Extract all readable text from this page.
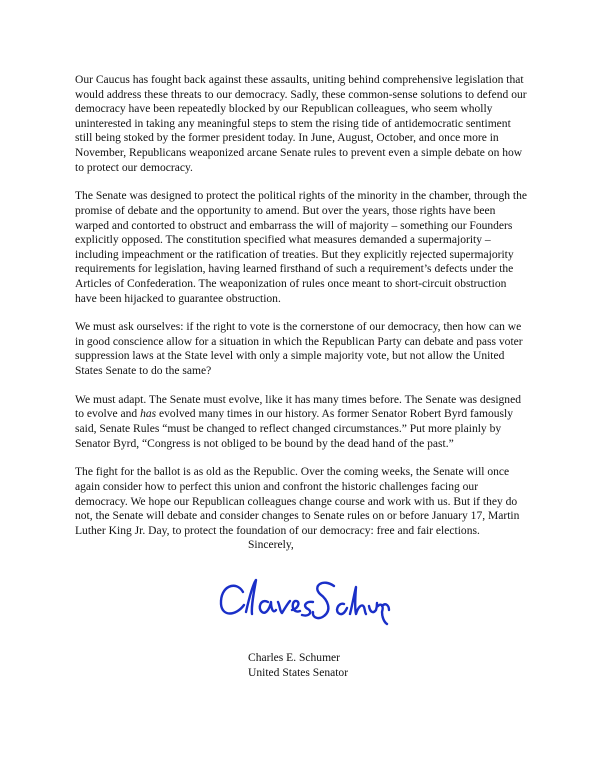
Our Caucus has fought back against these assaults, uniting behind comprehensive legislation that would address these threats to our democracy. Sadly, these common-sense solutions to defend our democracy have been repeatedly blocked by our Republican colleagues, who seem wholly uninterested in taking any meaningful steps to stem the rising tide of antidemocratic sentiment still being stoked by the former president today. In June, August, October, and once more in November, Republicans weaponized arcane Senate rules to prevent even a simple debate on how to protect our democracy.

The Senate was designed to protect the political rights of the minority in the chamber, through the promise of debate and the opportunity to amend. But over the years, those rights have been warped and contorted to obstruct and embarrass the will of majority – something our Founders explicitly opposed. The constitution specified what measures demanded a supermajority – including impeachment or the ratification of treaties. But they explicitly rejected supermajority requirements for legislation, having learned firsthand of such a requirement’s defects under the Articles of Confederation. The weaponization of rules once meant to short-circuit obstruction have been hijacked to guarantee obstruction.

We must ask ourselves: if the right to vote is the cornerstone of our democracy, then how can we in good conscience allow for a situation in which the Republican Party can debate and pass voter suppression laws at the State level with only a simple majority vote, but not allow the United States Senate to do the same?

We must adapt. The Senate must evolve, like it has many times before. The Senate was designed to evolve and has evolved many times in our history. As former Senator Robert Byrd famously said, Senate Rules “must be changed to reflect changed circumstances.” Put more plainly by Senator Byrd, “Congress is not obliged to be bound by the dead hand of the past.”

The fight for the ballot is as old as the Republic. Over the coming weeks, the Senate will once again consider how to perfect this union and confront the historic challenges facing our democracy. We hope our Republican colleagues change course and work with us. But if they do not, the Senate will debate and consider changes to Senate rules on or before January 17, Martin Luther King Jr. Day, to protect the foundation of our democracy: free and fair elections.

Sincerely,
Charles Schumer
Charles E. Schumer
United States Senator
